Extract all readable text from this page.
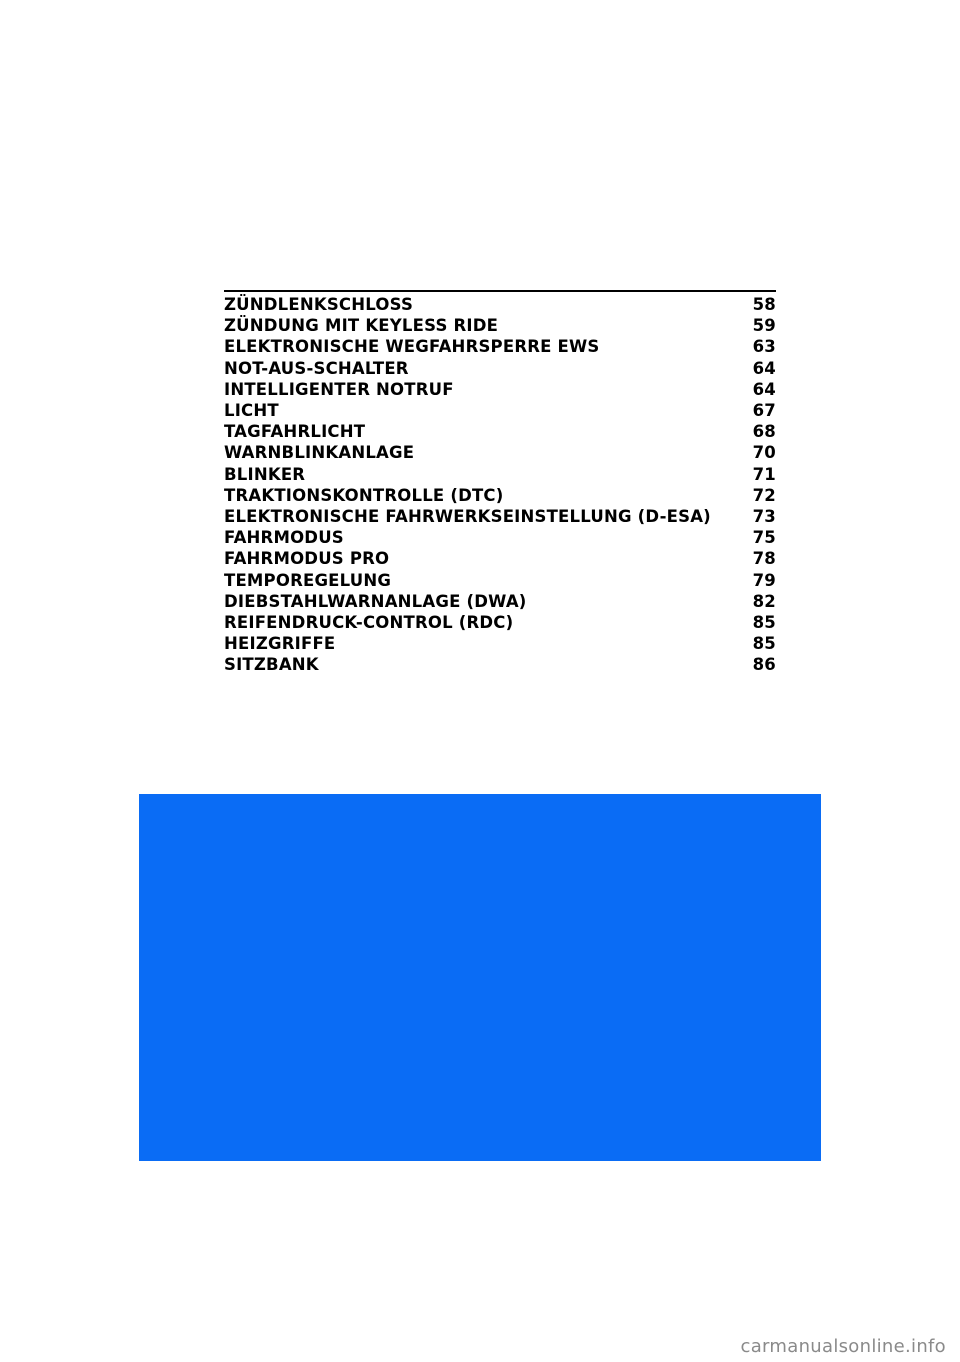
ZÜNDLENKSCHLOSS	58
ZÜNDUNG MIT KEYLESS RIDE	59
ELEKTRONISCHE WEGFAHRSPERRE EWS	63
NOT-AUS-SCHALTER	64
INTELLIGENTER NOTRUF	64
LICHT	67
TAGFAHRLICHT	68
WARNBLINKANLAGE	70
BLINKER	71
TRAKTIONSKONTROLLE (DTC)	72
ELEKTRONISCHE FAHRWERKSEINSTELLUNG (D-ESA)	73
FAHRMODUS	75
FAHRMODUS PRO	78
TEMPOREGELUNG	79
DIEBSTAHLWARNANLAGE (DWA)	82
REIFENDRUCK-CONTROL (RDC)	85
HEIZGRIFFE	85
SITZBANK	86
carmanualsonline.info
